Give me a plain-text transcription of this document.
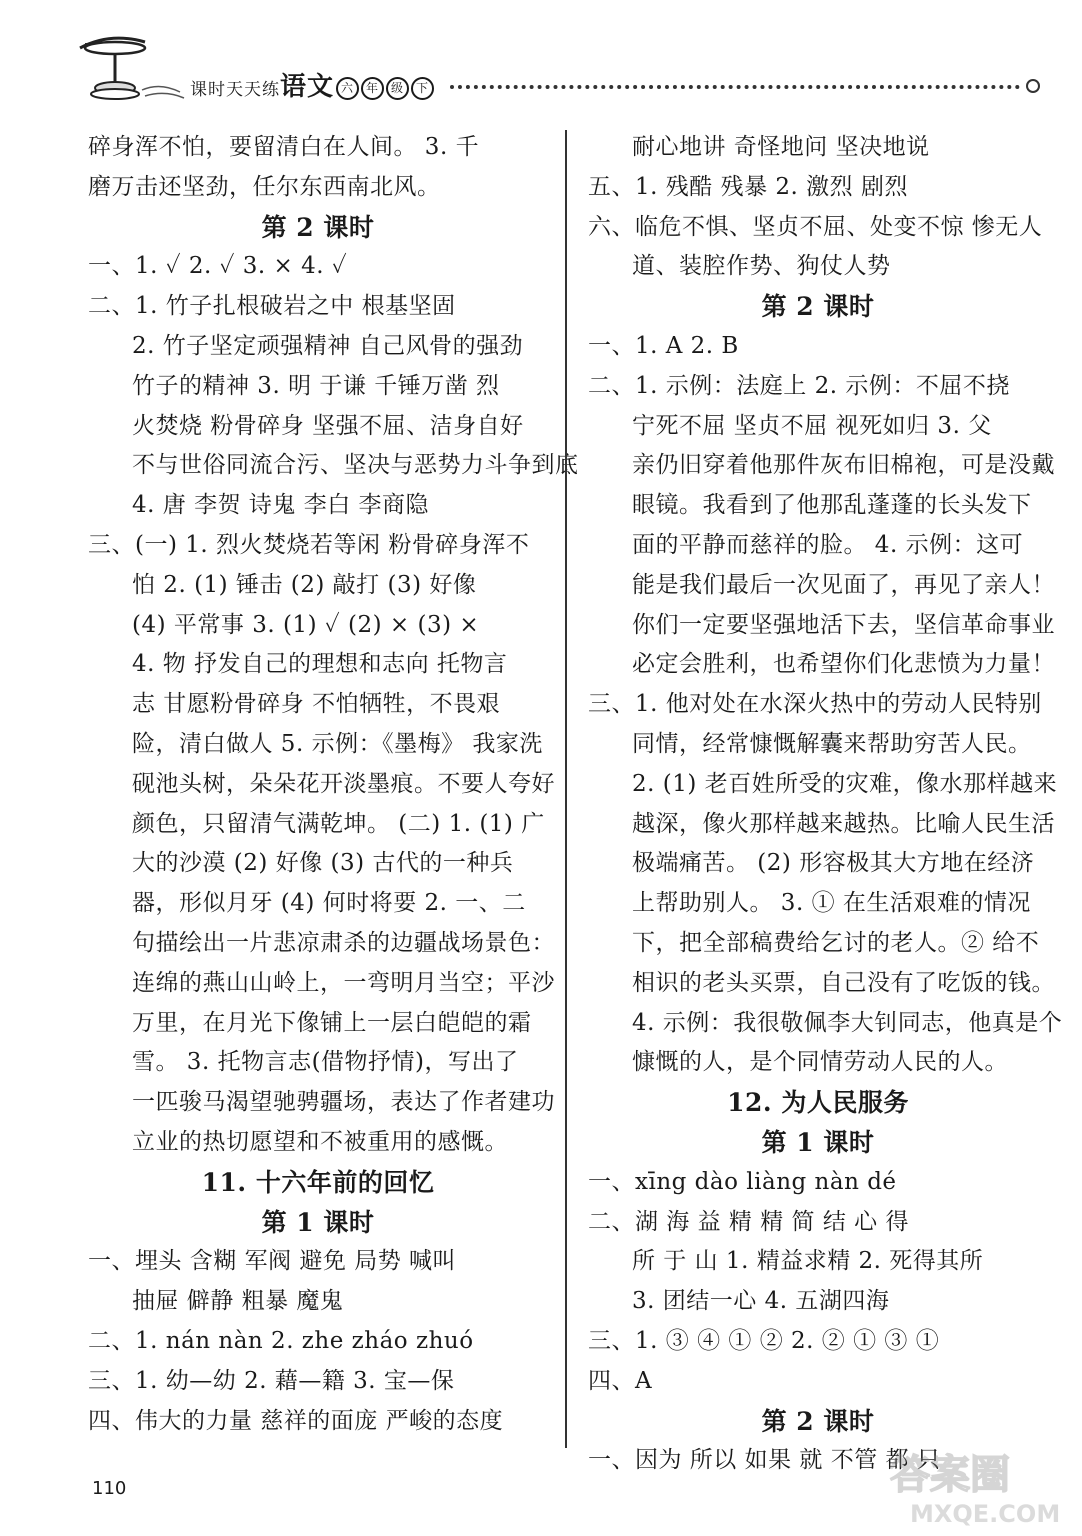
课时天天练语文 六 年 级 下
碎身浑不怕，要留清白在人间。 3. 千
磨万击还坚劲，任尔东西南北风。
第 2 课时
一、1. ✓ 2. ✓ 3. × 4. ✓
二、1. 竹子扎根破岩之中 根基坚固
2. 竹子坚定顽强精神 自己风骨的强劲
竹子的精神 3. 明 于谦 千锤万凿 烈
火焚烧 粉骨碎身 坚强不屈、洁身自好
不与世俗同流合污、坚决与恶势力斗争到底
4. 唐 李贺 诗鬼 李白 李商隐
三、(一) 1. 烈火焚烧若等闲 粉骨碎身浑不
怕 2. (1) 锤击 (2) 敲打 (3) 好像
(4) 平常事 3. (1) ✓ (2) × (3) ×
4. 物 抒发自己的理想和志向 托物言
志 甘愿粉骨碎身 不怕牺牲，不畏艰
险，清白做人 5. 示例：《墨梅》 我家洗
砚池头树，朵朵花开淡墨痕。不要人夸好
颜色，只留清气满乾坤。 (二) 1. (1) 广
大的沙漠 (2) 好像 (3) 古代的一种兵
器，形似月牙 (4) 何时将要 2. 一、二
句描绘出一片悲凉肃杀的边疆战场景色：
连绵的燕山山岭上，一弯明月当空；平沙
万里，在月光下像铺上一层白皑皑的霜
雪。 3. 托物言志(借物抒情)，写出了
一匹骏马渴望驰骋疆场，表达了作者建功
立业的热切愿望和不被重用的感慨。
11. 十六年前的回忆
第 1 课时
一、埋头 含糊 军阀 避免 局势 喊叫
抽屉 僻静 粗暴 魔鬼
二、1. nán nàn 2. zhe zháo zhuó
三、1. 幼—幼 2. 藉—籍 3. 宝—保
四、伟大的力量 慈祥的面庞 严峻的态度
耐心地讲 奇怪地问 坚决地说
五、1. 残酷 残暴 2. 激烈 剧烈
六、临危不惧、坚贞不屈、处变不惊 惨无人
道、装腔作势、狗仗人势
第 2 课时
一、1. A 2. B
二、1. 示例：法庭上 2. 示例：不屈不挠
宁死不屈 坚贞不屈 视死如归 3. 父
亲仍旧穿着他那件灰布旧棉袍，可是没戴
眼镜。我看到了他那乱蓬蓬的长头发下
面的平静而慈祥的脸。 4. 示例：这可
能是我们最后一次见面了，再见了亲人！
你们一定要坚强地活下去，坚信革命事业
必定会胜利，也希望你们化悲愤为力量！
三、1. 他对处在水深火热中的劳动人民特别
同情，经常慷慨解囊来帮助穷苦人民。
2. (1) 老百姓所受的灾难，像水那样越来
越深，像火那样越来越热。比喻人民生活
极端痛苦。 (2) 形容极其大方地在经济
上帮助别人。 3. ① 在生活艰难的情况
下，把全部稿费给乞讨的老人。② 给不
相识的老头买票，自己没有了吃饭的钱。
4. 示例：我很敬佩李大钊同志，他真是个
慷慨的人，是个同情劳动人民的人。
12. 为人民服务
第 1 课时
一、xīng dào liàng nàn dé
二、湖 海 益 精 精 简 结 心 得
所 于 山 1. 精益求精 2. 死得其所
3. 团结一心 4. 五湖四海
三、1. ③ ④ ① ② 2. ② ① ③ ①
四、A
第 2 课时
一、因为 所以 如果 就 不管 都 只
110	答案圈
MXQE.COM
